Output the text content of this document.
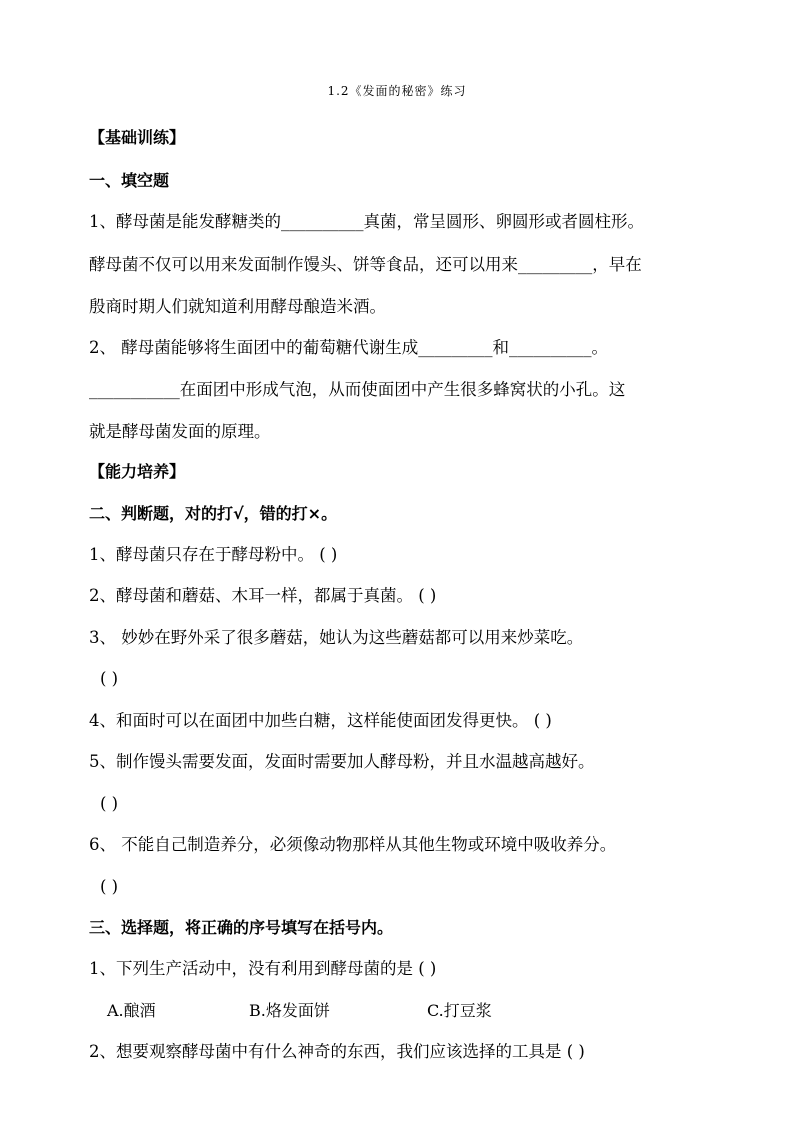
1.2《发面的秘密》练习
【基础训练】
一、填空题
1、酵母菌是能发酵糖类的__________真菌，常呈圆形、卵圆形或者圆柱形。
酵母菌不仅可以用来发面制作馒头、饼等食品，还可以用来_________，早在
殷商时期人们就知道利用酵母酿造米酒。
2、 酵母菌能够将生面团中的葡萄糖代谢生成_________和__________。
___________在面团中形成气泡，从而使面团中产生很多蜂窝状的小孔。这
就是酵母菌发面的原理。
【能力培养】
二、判断题，对的打√，错的打×。
1、酵母菌只存在于酵母粉中。 ( )
2、酵母菌和蘑菇、木耳一样，都属于真菌。 ( )
3、 妙妙在野外采了很多蘑菇，她认为这些蘑菇都可以用来炒菜吃。
( )
4、和面时可以在面团中加些白糖，这样能使面团发得更快。 ( )
5、制作馒头需要发面，发面时需要加人酵母粉，并且水温越高越好。
( )
6、 不能自己制造养分，必须像动物那样从其他生物或环境中吸收养分。
( )
三、选择题，将正确的序号填写在括号内。
1、下列生产活动中，没有利用到酵母菌的是 ( )
A.酿酒	B.烙发面饼	C.打豆浆
2、想要观察酵母菌中有什么神奇的东西，我们应该选择的工具是 ( )
